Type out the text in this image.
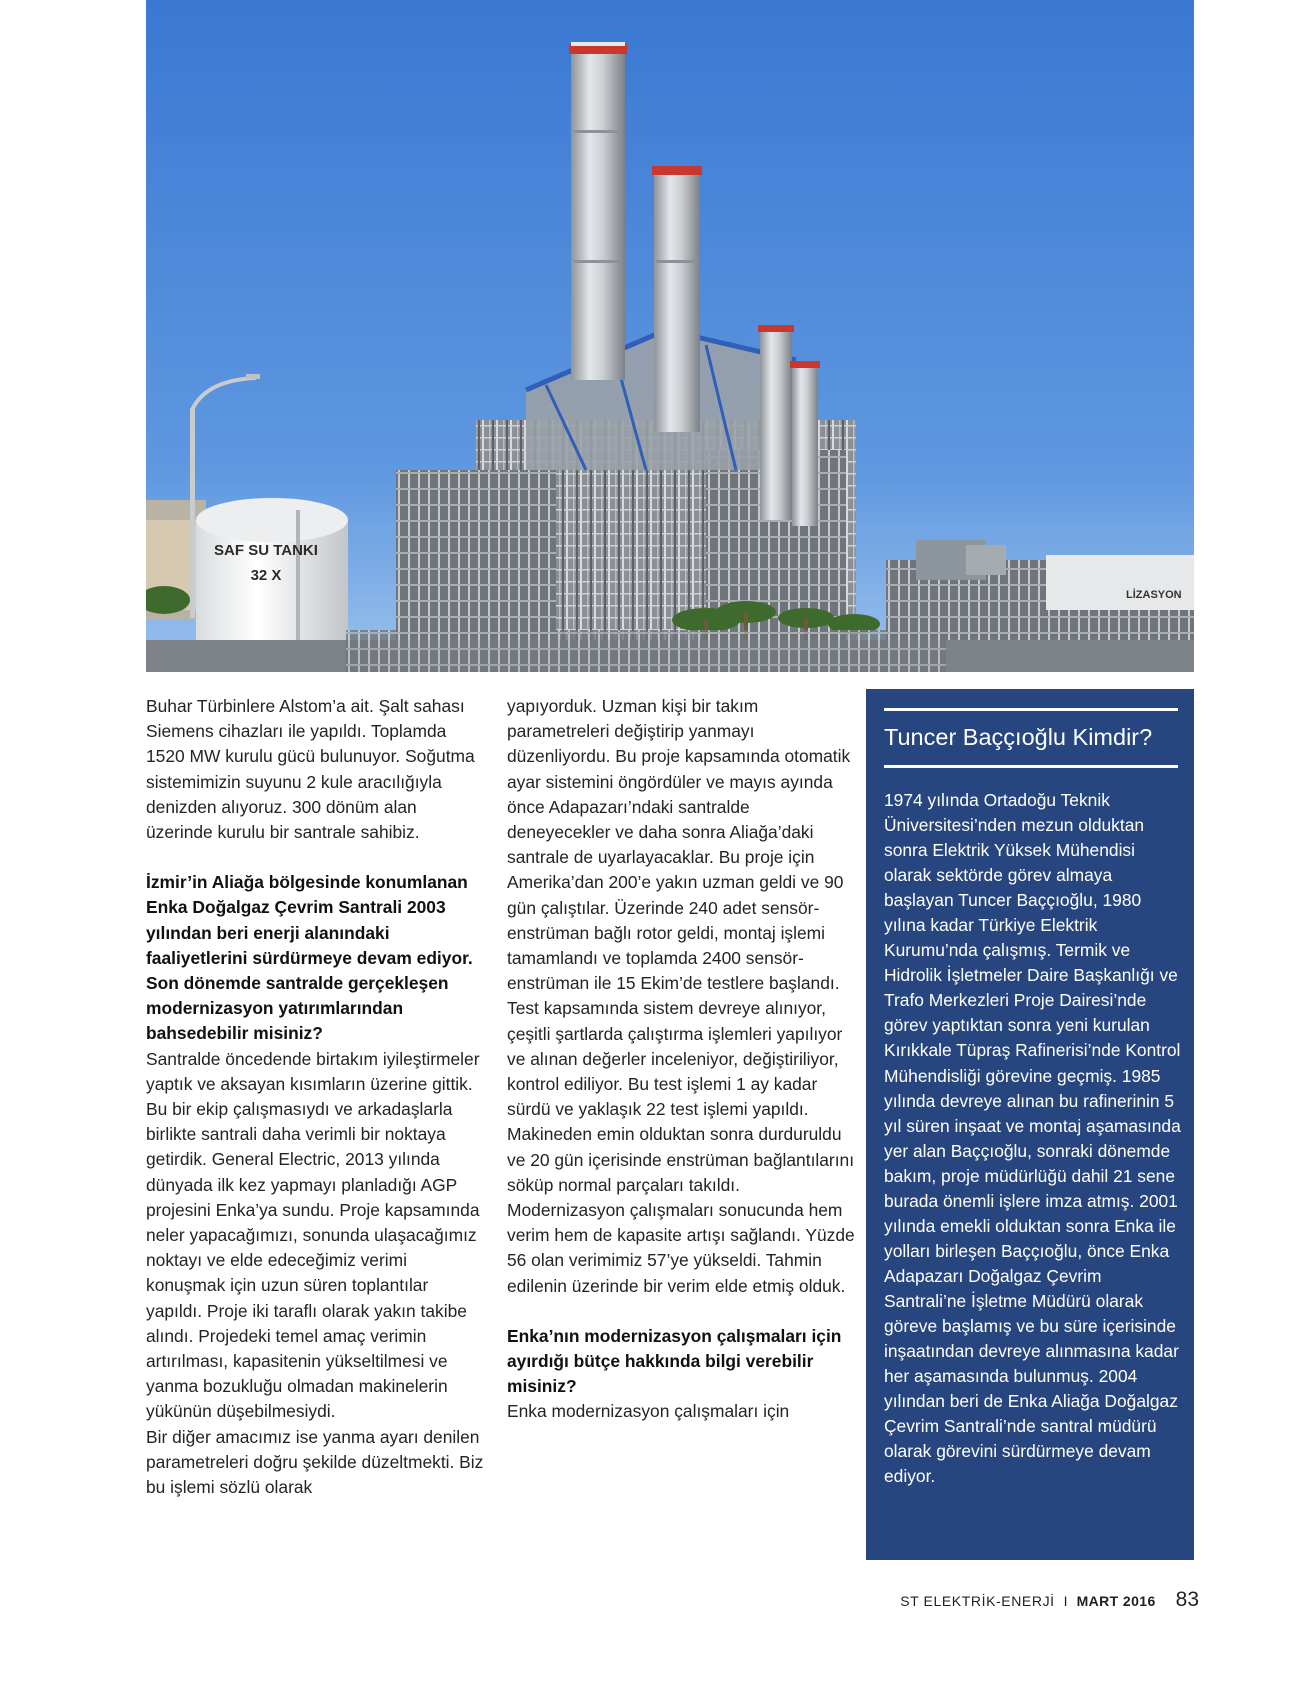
LİZASYON
SAF SU TANKI
32 X

Buhar Türbinlere Alstom’a ait. Şalt sahası Siemens cihazları ile yapıldı. Toplamda 1520 MW kurulu gücü bulunuyor. Soğutma sistemimizin suyunu 2 kule aracılığıyla denizden alıyoruz. 300 dönüm alan üzerinde kurulu bir santrale sahibiz.

İzmir’in Aliağa bölgesinde konumlanan Enka Doğalgaz Çevrim Santrali 2003 yılından beri enerji alanındaki faaliyetlerini sürdürmeye devam ediyor. Son dönemde santralde gerçekleşen modernizasyon yatırımlarından bahsedebilir misiniz?

Santralde öncedende birtakım iyileştirmeler yaptık ve aksayan kısımların üzerine gittik. Bu bir ekip çalışmasıydı ve arkadaşlarla birlikte santrali daha verimli bir noktaya getirdik. General Electric, 2013 yılında dünyada ilk kez yapmayı planladığı AGP projesini Enka’ya sundu. Proje kapsamında neler yapacağımızı, sonunda ulaşacağımız noktayı ve elde edeceğimiz verimi konuşmak için uzun süren toplantılar yapıldı. Proje iki taraflı olarak yakın takibe alındı. Projedeki temel amaç verimin artırılması, kapasitenin yükseltilmesi ve yanma bozukluğu olmadan makinelerin yükünün düşebilmesiydi.

Bir diğer amacımız ise yanma ayarı denilen parametreleri doğru şekilde düzeltmekti. Biz bu işlemi sözlü olarak

yapıyorduk. Uzman kişi bir takım parametreleri değiştirip yanmayı düzenliyordu. Bu proje kapsamında otomatik ayar sistemini öngördüler ve mayıs ayında önce Adapazarı’ndaki santralde deneyecekler ve daha sonra Aliağa’daki santrale de uyarlayacaklar. Bu proje için Amerika’dan 200’e yakın uzman geldi ve 90 gün çalıştılar. Üzerinde 240 adet sensör-enstrüman bağlı rotor geldi, montaj işlemi tamamlandı ve toplamda 2400 sensör-enstrüman ile 15 Ekim’de testlere başlandı. Test kapsamında sistem devreye alınıyor, çeşitli şartlarda çalıştırma işlemleri yapılıyor ve alınan değerler inceleniyor, değiştiriliyor, kontrol ediliyor. Bu test işlemi 1 ay kadar sürdü ve yaklaşık 22 test işlemi yapıldı. Makineden emin olduktan sonra durduruldu ve 20 gün içerisinde enstrüman bağlantılarını söküp normal parçaları takıldı. Modernizasyon çalışmaları sonucunda hem verim hem de kapasite artışı sağlandı. Yüzde 56 olan verimimiz 57’ye yükseldi. Tahmin edilenin üzerinde bir verim elde etmiş olduk.

Enka’nın modernizasyon çalışmaları için ayırdığı bütçe hakkında bilgi verebilir misiniz?

Enka modernizasyon çalışmaları için

Tuncer Baççıoğlu Kimdir?

1974 yılında Ortadoğu Teknik Üniversitesi’nden mezun olduktan sonra Elektrik Yüksek Mühendisi olarak sektörde görev almaya başlayan Tuncer Baççıoğlu, 1980 yılına kadar Türkiye Elektrik Kurumu’nda çalışmış. Termik ve Hidrolik İşletmeler Daire Başkanlığı ve Trafo Merkezleri Proje Dairesi’nde görev yaptıktan sonra yeni kurulan Kırıkkale Tüpraş Rafinerisi’nde Kontrol Mühendisliği görevine geçmiş. 1985 yılında devreye alınan bu rafinerinin 5 yıl süren inşaat ve montaj aşamasında yer alan Baççıoğlu, sonraki dönemde bakım, proje müdürlüğü dahil 21 sene burada önemli işlere imza atmış. 2001 yılında emekli olduktan sonra Enka ile yolları birleşen Baççıoğlu, önce Enka Adapazarı Doğalgaz Çevrim Santrali’ne İşletme Müdürü olarak göreve başlamış ve bu süre içerisinde inşaatından devreye alınmasına kadar her aşamasında bulunmuş. 2004 yılından beri de Enka Aliağa Doğalgaz Çevrim Santrali’nde santral müdürü olarak görevini sürdürmeye devam ediyor.

ST ELEKTRİK-ENERJİ I MART 2016 83
